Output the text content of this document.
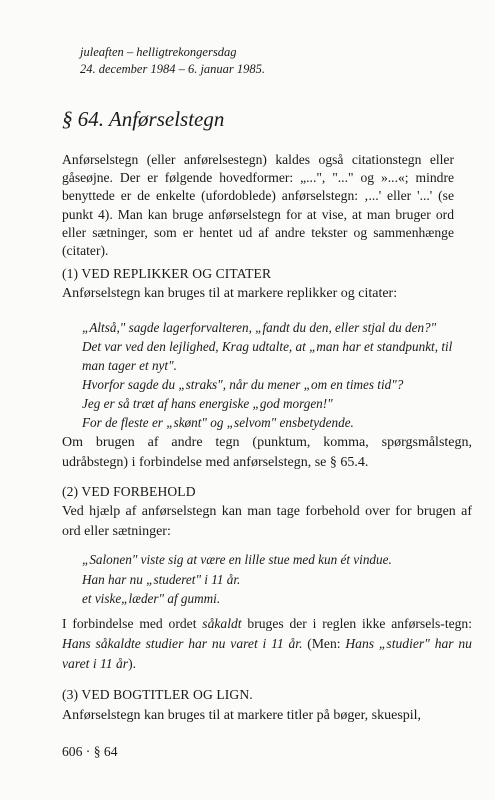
juleaften – helligtrekongersdag
24. december 1984 – 6. januar 1985.
§ 64. Anførselstegn

Anførselstegn (eller anførelsestegn) kaldes også citationstegn eller gåseøjne. Der er følgende hovedformer: „...", "..." og »...«; mindre benyttede er de enkelte (ufordoblede) anførselstegn: ‚...' eller '...' (se punkt 4). Man kan bruge anførselstegn for at vise, at man bruger ord eller sætninger, som er hentet ud af andre tekster og sammenhænge (citater).

(1) VED REPLIKKER OG CITATER

Anførselstegn kan bruges til at markere replikker og citater:

„Altså," sagde lagerforvalteren, „fandt du den, eller stjal du den?"
Det var ved den lejlighed, Krag udtalte, at „man har et standpunkt, til
man tager et nyt".
Hvorfor sagde du „straks", når du mener „om en times tid"?
Jeg er så træt af hans energiske „god morgen!"
For de fleste er „skønt" og „selvom" ensbetydende.

Om brugen af andre tegn (punktum, komma, spørgsmålstegn, udråbstegn) i forbindelse med anførselstegn, se § 65.4.

(2) VED FORBEHOLD

Ved hjælp af anførselstegn kan man tage forbehold over for brugen af ord eller sætninger:

„Salonen" viste sig at være en lille stue med kun ét vindue.
Han har nu „studeret" i 11 år.
et viske„læder" af gummi.

I forbindelse med ordet såkaldt bruges der i reglen ikke anførsels-tegn: Hans såkaldte studier har nu varet i 11 år. (Men: Hans „studier" har nu varet i 11 år).

(3) VED BOGTITLER OG LIGN.

Anførselstegn kan bruges til at markere titler på bøger, skuespil,

606 · § 64
